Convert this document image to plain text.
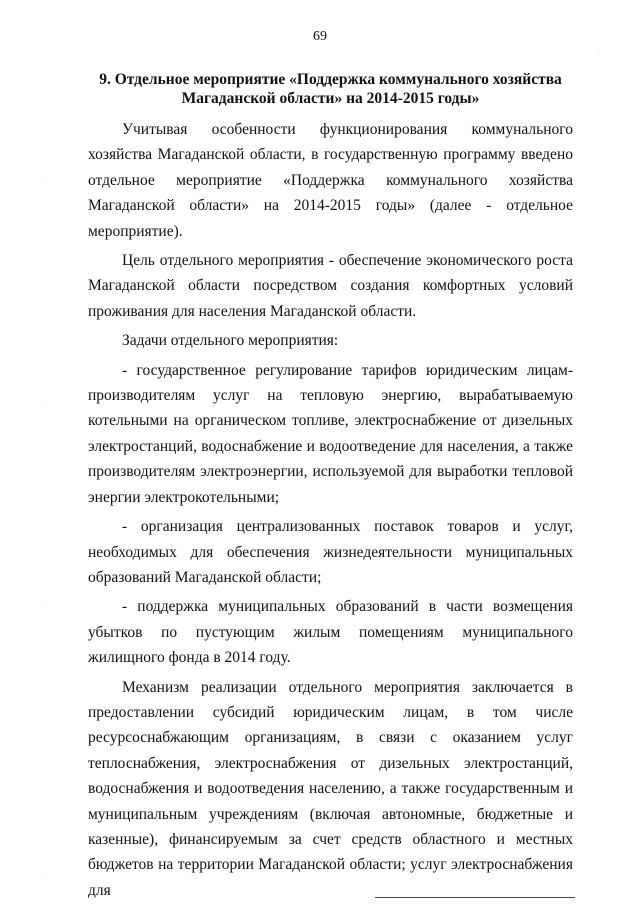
69
9. Отдельное мероприятие «Поддержка коммунального хозяйства
Магаданской области» на 2014-2015 годы»

Учитывая особенности функционирования коммунального хозяйства Магаданской области, в государственную программу введено отдельное мероприятие «Поддержка коммунального хозяйства Магаданской области» на 2014-2015 годы» (далее - отдельное мероприятие).

Цель отдельного мероприятия - обеспечение экономического роста Магаданской области посредством создания комфортных условий проживания для населения Магаданской области.

Задачи отдельного мероприятия:

- государственное регулирование тарифов юридическим лицам-производителям услуг на тепловую энергию, вырабатываемую котельными на органическом топливе, электроснабжение от дизельных электростанций, водоснабжение и водоотведение для населения, а также производителям электроэнергии, используемой для выработки тепловой энергии электрокотельными;

- организация централизованных поставок товаров и услуг, необходимых для обеспечения жизнедеятельности муниципальных образований Магаданской области;

- поддержка муниципальных образований в части возмещения убытков по пустующим жилым помещениям муниципального жилищного фонда в 2014 году.

Механизм реализации отдельного мероприятия заключается в предоставлении субсидий юридическим лицам, в том числе ресурсоснабжающим организациям, в связи с оказанием услуг теплоснабжения, электроснабжения от дизельных электростанций, водоснабжения и водоотведения населению, а также государственным и муниципальным учреждениям (включая автономные, бюджетные и казенные), финансируемым за счет средств областного и местных бюджетов на территории Магаданской области; услуг электроснабжения для

·
·
·
·
·
